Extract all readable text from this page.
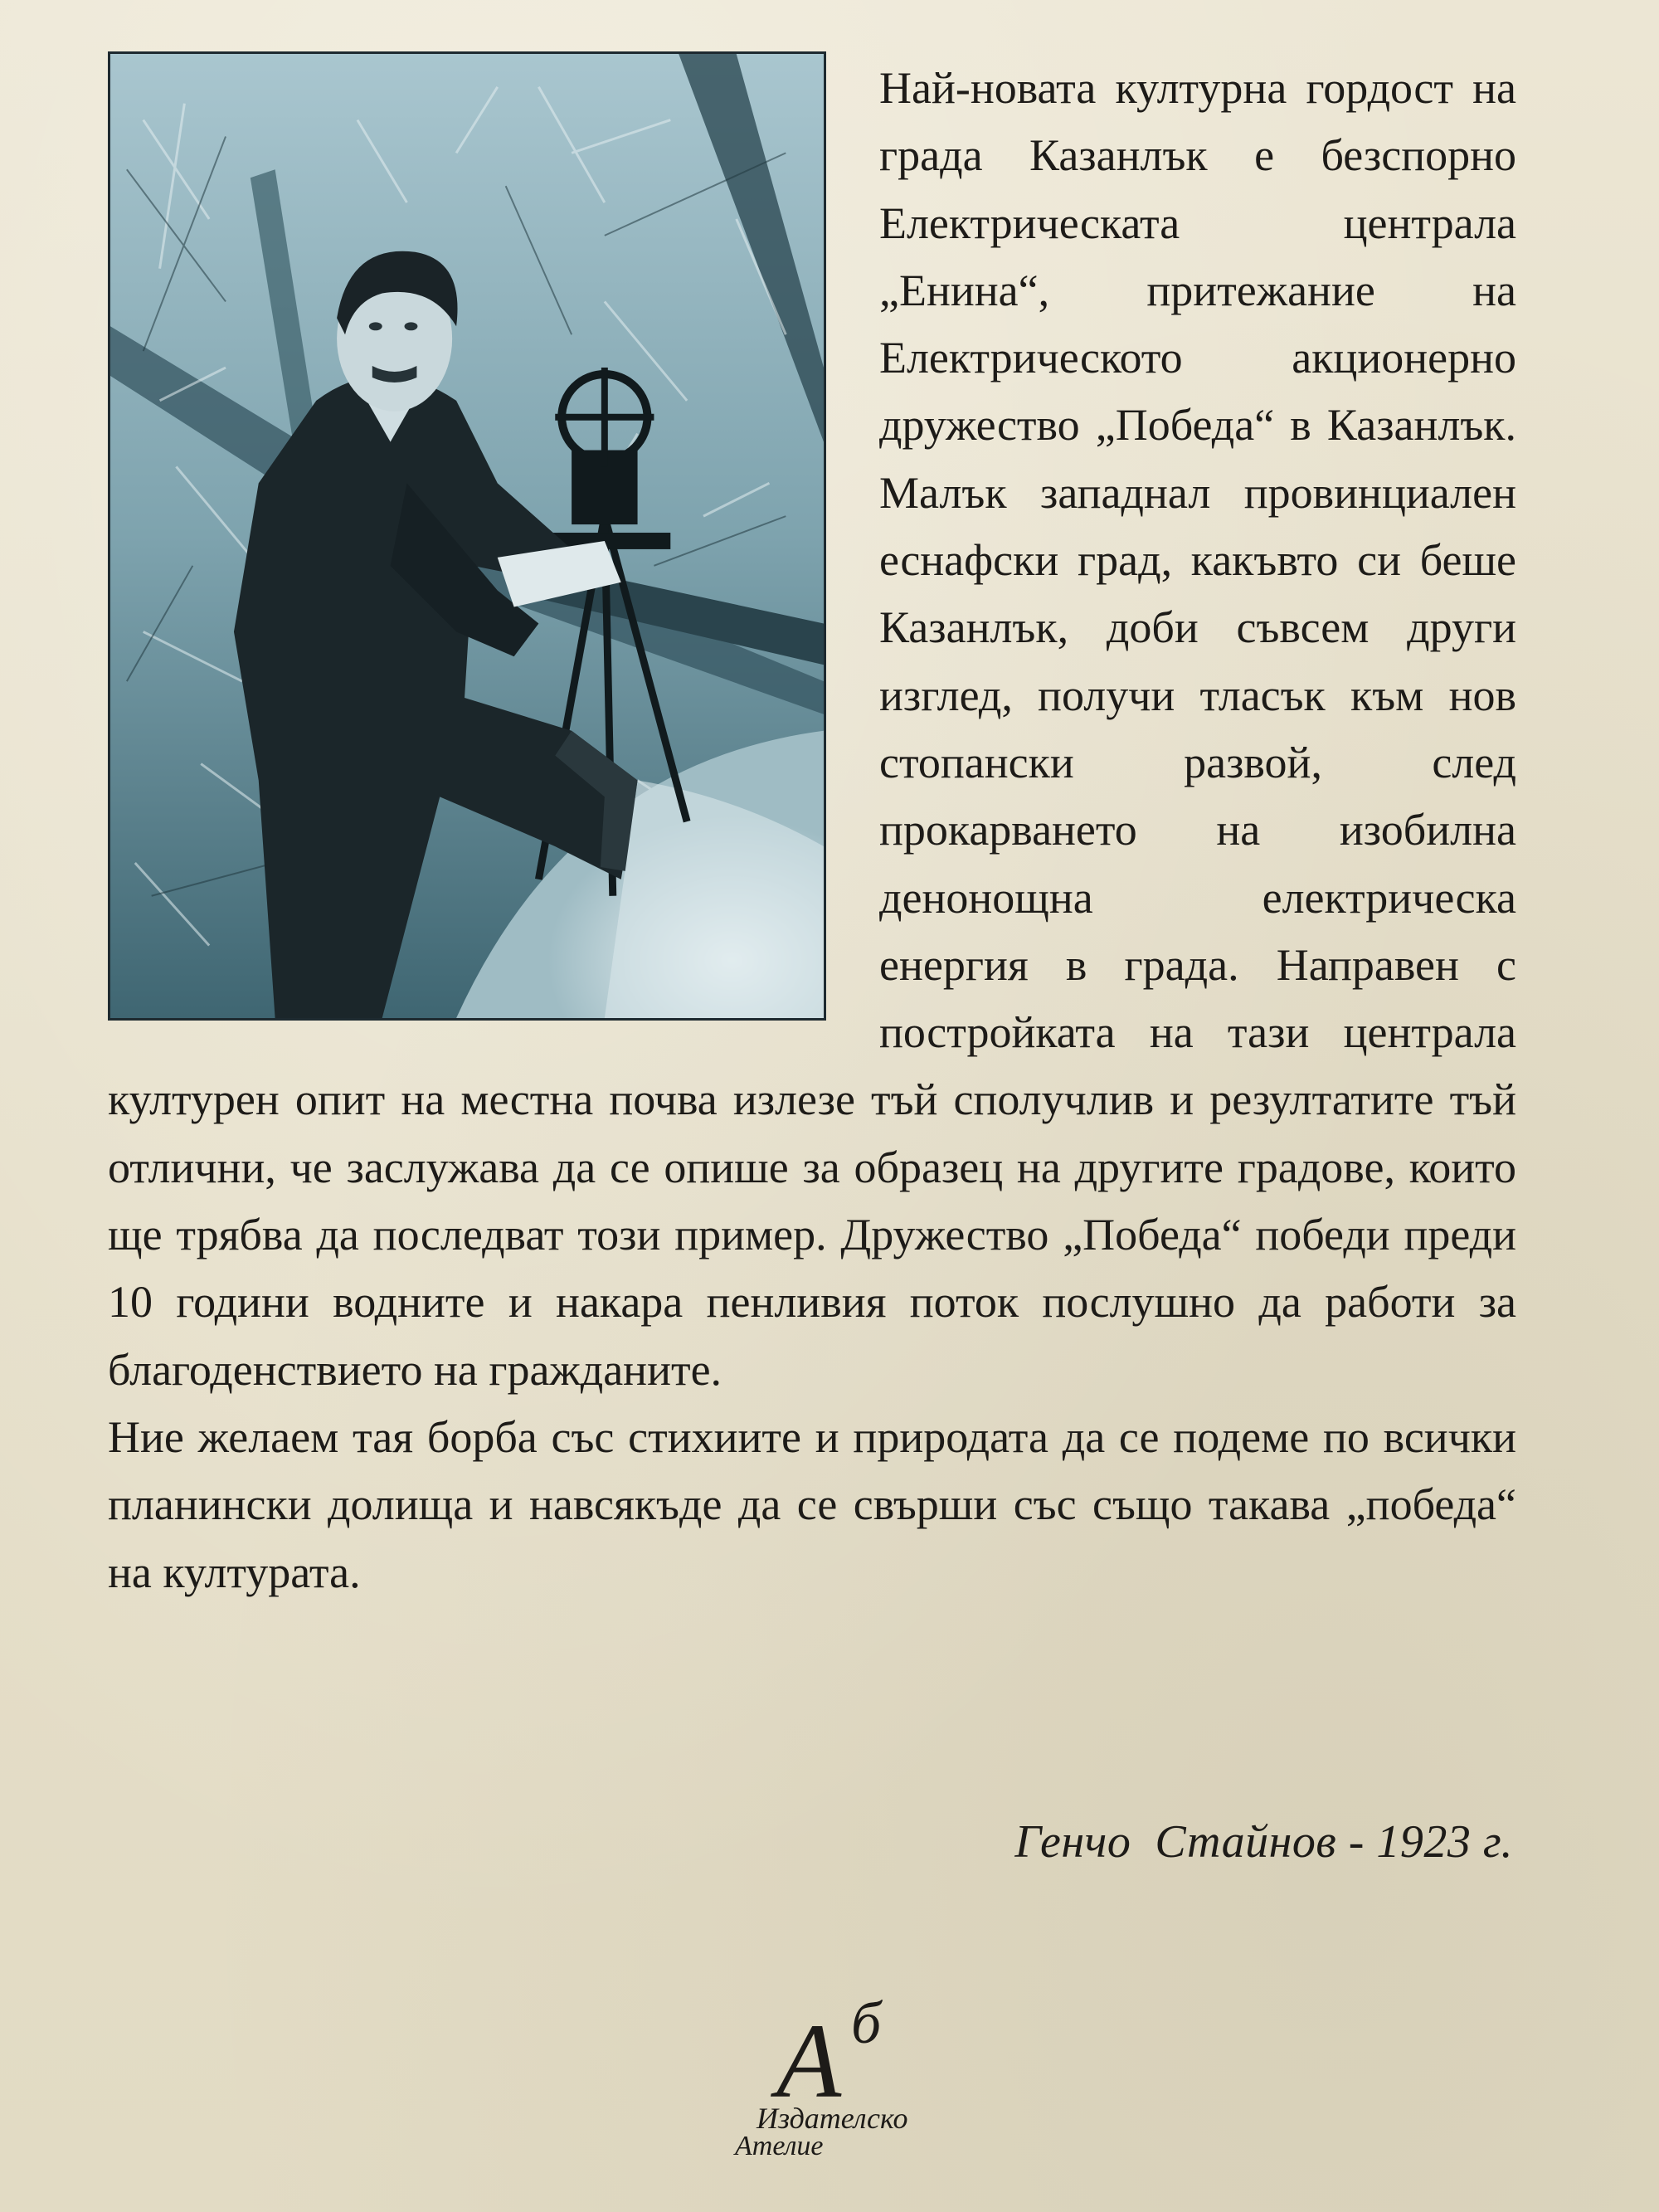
Най-новата културна гордост на града Казанлък е безспорно Електрическата централа „Енина“, притежание на Електрическото акционерно дружество „Победа“ в Казанлък. Малък западнал провинциален еснафски град, какъвто си беше Казанлък, доби съвсем други изглед, получи тласък към нов стопански развой, след прокарването на изобилна денонощна електрическа енергия в града. Направен с постройката на тази централа културен опит на местна почва излезе тъй сполучлив и резултатите тъй отлични, че заслужава да се опише за образец на другите градове, които ще трябва да последват този пример. Дружество „Победа“ победи преди 10 години водните и накара пенливия поток послушно да работи за благоденствието на гражданите.

Ние желаем тая борба със стихиите и природата да се подеме по всички планински долища и навсякъде да се свърши със също такава „победа“ на културата.

Генчо  Стайнов - 1923 г.
А б
Издателско
Ателие
